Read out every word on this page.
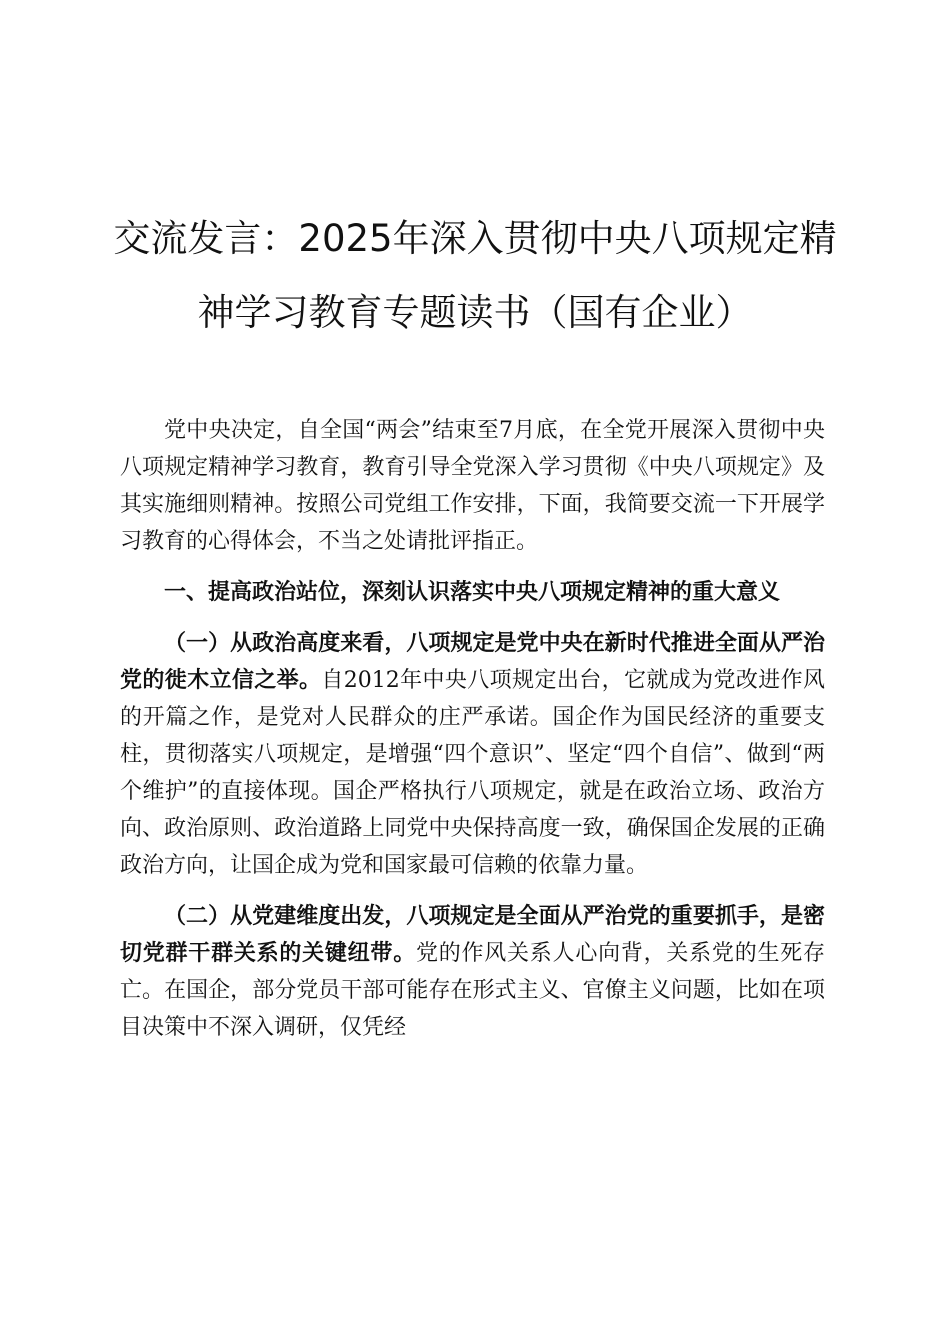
交流发言：2025年深入贯彻中央八项规定精
神学习教育专题读书（国有企业）

党中央决定，自全国“两会”结束至7月底，在全党开展深入贯彻中央八项规定精神学习教育，教育引导全党深入学习贯彻《中央八项规定》及其实施细则精神。按照公司党组工作安排，下面，我简要交流一下开展学习教育的心得体会，不当之处请批评指正。

一、提高政治站位，深刻认识落实中央八项规定精神的重大意义

（一）从政治高度来看，八项规定是党中央在新时代推进全面从严治党的徙木立信之举。自2012年中央八项规定出台，它就成为党改进作风的开篇之作，是党对人民群众的庄严承诺。国企作为国民经济的重要支柱，贯彻落实八项规定，是增强“四个意识”、坚定“四个自信”、做到“两个维护”的直接体现。国企严格执行八项规定，就是在政治立场、政治方向、政治原则、政治道路上同党中央保持高度一致，确保国企发展的正确政治方向，让国企成为党和国家最可信赖的依靠力量。

（二）从党建维度出发，八项规定是全面从严治党的重要抓手，是密切党群干群关系的关键纽带。党的作风关系人心向背，关系党的生死存亡。在国企，部分党员干部可能存在形式主义、官僚主义问题，比如在项目决策中不深入调研，仅凭经
